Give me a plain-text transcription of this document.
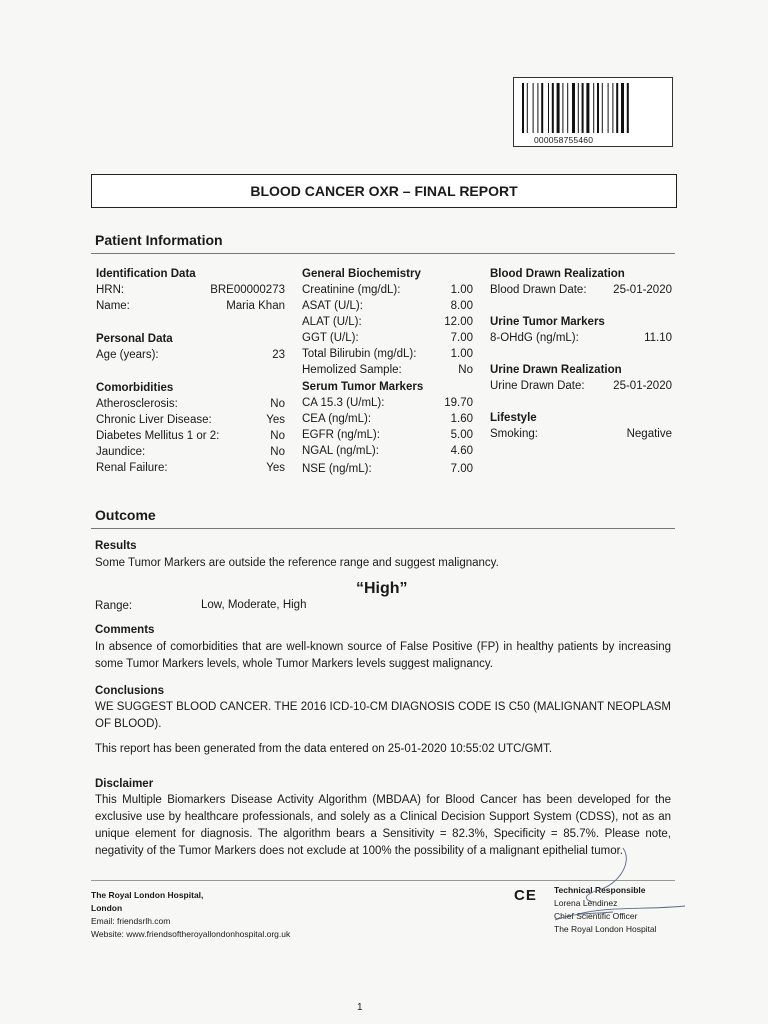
000058755460
BLOOD CANCER OXR – FINAL REPORT
Patient Information
Identification Data
HRN:	BRE00000273
Name:	Maria Khan
Personal Data
Age (years):	23
Comorbidities
Atherosclerosis:	No
Chronic Liver Disease:	Yes
Diabetes Mellitus 1 or 2:	No
Jaundice:	No
Renal Failure:	Yes
General Biochemistry
Creatinine (mg/dL):	1.00
ASAT (U/L):	8.00
ALAT (U/L):	12.00
GGT (U/L):	7.00
Total Bilirubin (mg/dL):	1.00
Hemolized Sample:	No
Serum Tumor Markers
CA 15.3 (U/mL):	19.70
CEA (ng/mL):	1.60
EGFR (ng/mL):	5.00
NGAL (ng/mL):	4.60
NSE (ng/mL):	7.00
Blood Drawn Realization
Blood Drawn Date: 25-01-2020
Urine Tumor Markers
8-OHdG (ng/mL):	11.10
Urine Drawn Realization
Urine Drawn Date: 25-01-2020
Lifestyle
Smoking:	Negative
Outcome
Results
Some Tumor Markers are outside the reference range and suggest malignancy.
“High”
Range:	Low, Moderate, High
Comments
In absence of comorbidities that are well-known source of False Positive (FP) in healthy patients by increasing some Tumor Markers levels, whole Tumor Markers levels suggest malignancy.
Conclusions
WE SUGGEST BLOOD CANCER. THE 2016 ICD-10-CM DIAGNOSIS CODE IS C50 (MALIGNANT NEOPLASM OF BLOOD).
This report has been generated from the data entered on 25-01-2020 10:55:02 UTC/GMT.
Disclaimer
This Multiple Biomarkers Disease Activity Algorithm (MBDAA) for Blood Cancer has been developed for the exclusive use by healthcare professionals, and solely as a Clinical Decision Support System (CDSS), not as an unique element for diagnosis. The algorithm bears a Sensitivity = 82.3%, Specificity = 85.7%. Please note, negativity of the Tumor Markers does not exclude at 100% the possibility of a malignant epithelial tumor.
The Royal London Hospital,
London
Email: friendsrlh.com
Website: www.friendsoftheroyallondonhospital.org.uk
CE Technical Responsible
Lorena Lendinez
Chief Scientific Officer
The Royal London Hospital
1
